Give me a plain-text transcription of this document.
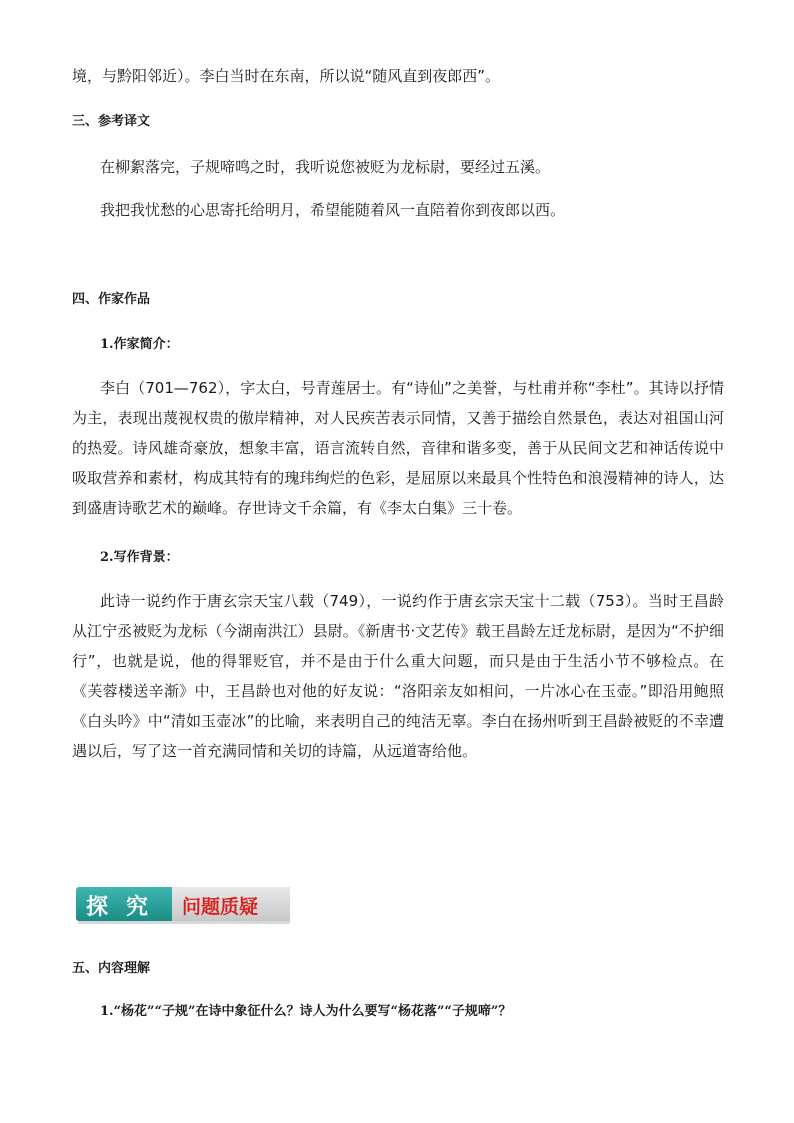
境，与黔阳邻近）。李白当时在东南，所以说“随风直到夜郎西”。
三、参考译文
在柳絮落完，子规啼鸣之时，我听说您被贬为龙标尉，要经过五溪。
我把我忧愁的心思寄托给明月，希望能随着风一直陪着你到夜郎以西。
四、作家作品
1.作家简介：
李白（701—762），字太白，号青莲居士。有“诗仙”之美誉，与杜甫并称“李杜”。其诗以抒情为主，表现出蔑视权贵的傲岸精神，对人民疾苦表示同情，又善于描绘自然景色，表达对祖国山河的热爱。诗风雄奇豪放，想象丰富，语言流转自然，音律和谐多变，善于从民间文艺和神话传说中吸取营养和素材，构成其特有的瑰玮绚烂的色彩，是屈原以来最具个性特色和浪漫精神的诗人，达到盛唐诗歌艺术的巅峰。存世诗文千余篇，有《李太白集》三十卷。
2.写作背景：
此诗一说约作于唐玄宗天宝八载（749），一说约作于唐玄宗天宝十二载（753）。当时王昌龄从江宁丞被贬为龙标（今湖南洪江）县尉。《新唐书·文艺传》载王昌龄左迁龙标尉，是因为“不护细行”，也就是说，他的得罪贬官，并不是由于什么重大问题，而只是由于生活小节不够检点。在《芙蓉楼送辛渐》中，王昌龄也对他的好友说：“洛阳亲友如相问，一片冰心在玉壶。”即沿用鲍照《白头吟》中“清如玉壶冰”的比喻，来表明自己的纯洁无辜。李白在扬州听到王昌龄被贬的不幸遭遇以后，写了这一首充满同情和关切的诗篇，从远道寄给他。
问题质疑
探究
五、内容理解
1.“杨花”“子规”在诗中象征什么？诗人为什么要写“杨花落”“子规啼”？
